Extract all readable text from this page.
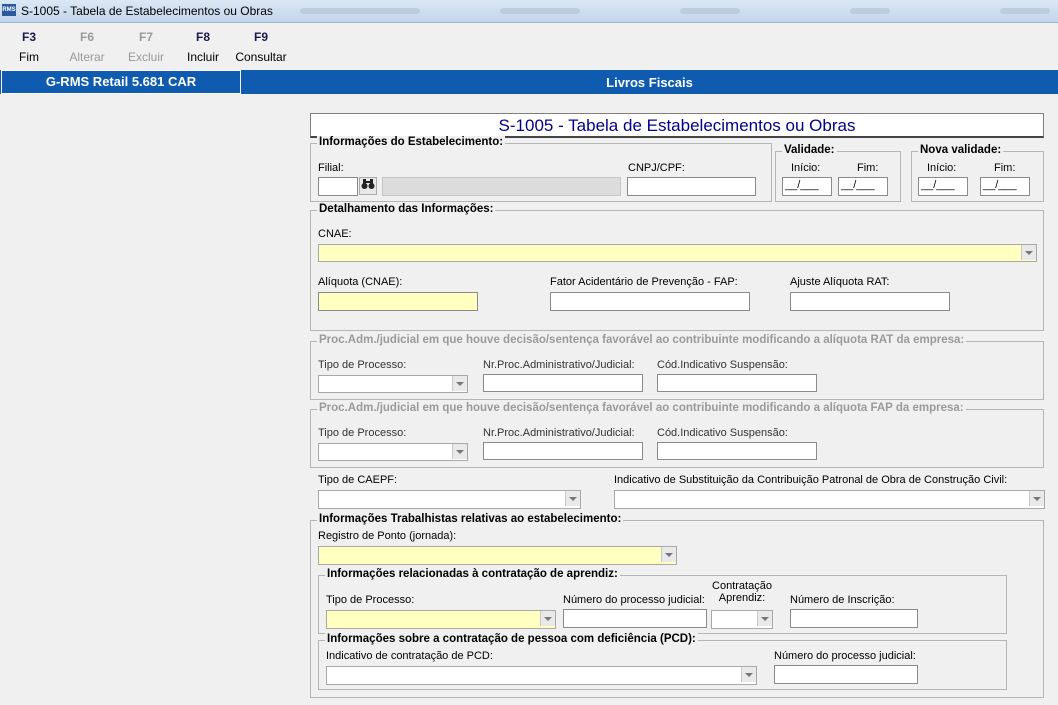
RMS S-1005 - Tabela de Estabelecimentos ou Obras
F3
Fim
F6
Alterar
F7
Excluir
F8
Incluir
F9
Consultar
G-RMS Retail 5.681 CAR	Livros Fiscais
S-1005 - Tabela de Estabelecimentos ou Obras
Informações do Estabelecimento:
Filial:	CNPJ/CPF:
Validade:
Início:	Fim:
__/___	__/___
Nova validade:
Início:	Fim:
__/___	__/___
Detalhamento das Informações:
CNAE:
Alíquota (CNAE):	Fator Acidentário de Prevenção - FAP:	Ajuste Alíquota RAT:
Proc.Adm./judicial em que houve decisão/sentença favorável ao contribuinte modificando a alíquota RAT da empresa:
Tipo de Processo:	Nr.Proc.Administrativo/Judicial: Cód.Indicativo Suspensão:
Proc.Adm./judicial em que houve decisão/sentença favorável ao contribuinte modificando a alíquota FAP da empresa:
Tipo de Processo:	Nr.Proc.Administrativo/Judicial: Cód.Indicativo Suspensão:
Tipo de CAEPF:	Indicativo de Substituição da Contribuição Patronal de Obra de Construção Civil:
Informações Trabalhistas relativas ao estabelecimento:
Registro de Ponto (jornada):
Informações relacionadas à contratação de aprendiz:
Tipo de Processo:	Número do processo judicial:
Contratação
Aprendiz:	Número de Inscrição:
Informações sobre a contratação de pessoa com deficiência (PCD):
Indicativo de contratação de PCD:	Número do processo judicial:
